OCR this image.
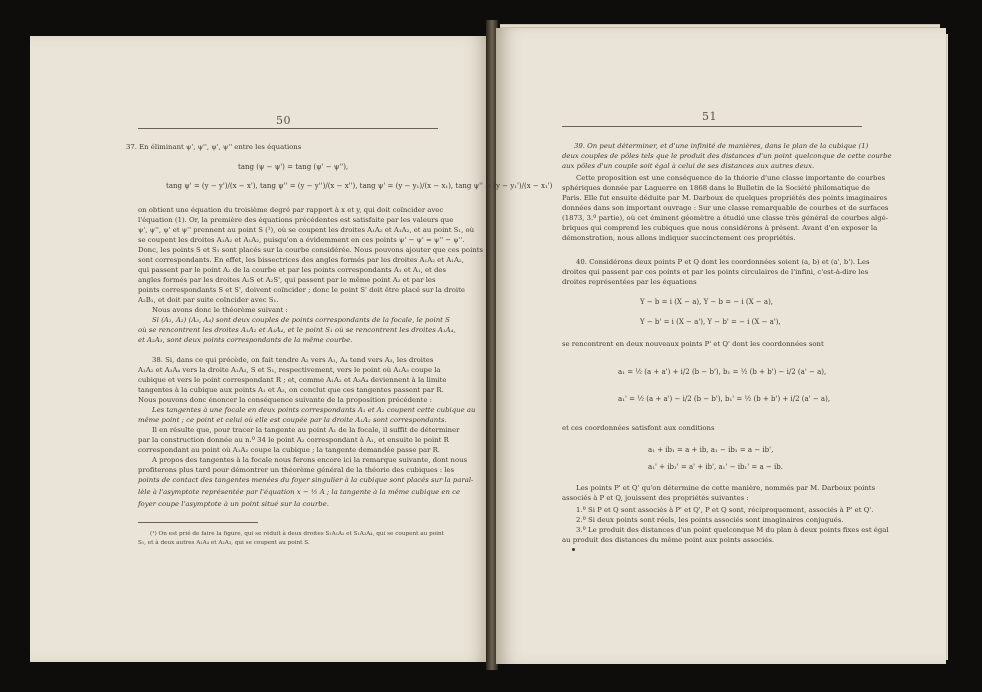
50	51
37. En éliminant ψ', ψ'', ψ', ψ'' entre les équations
tang (ψ − ψ') = tang (ψ' − ψ''),
tang ψ' = (y − y')/(x − x'), tang ψ'' = (y − y'')/(x − x''), tang ψ' = (y − y₁)/(x − x₁), tang ψ'' = (y − y₁')/(x − x₁')
on obtient une équation du troisième degré par rapport à x et y, qui doit coïncider avec
l'équation (1). Or, la première des équations précédentes est satisfaite par les valeurs que
ψ', ψ'', ψ' et ψ'' prennent au point S (¹), où se coupent les droites A₁A₂ et A₁A₂, et au point S₁, où
se coupent les droites A₁A₂ et A₁A₂, puisqu'on a évidemment en ces points ψ' − ψ' = ψ'' − ψ''.
Donc, les points S et S₁ sont placés sur la courbe considérée. Nous pouvons ajouter que ces points
sont correspondants. En effet, les bissectrices des angles formés par les droites A₁A₂ et A₁A₂,
qui passent par le point A₂ de la courbe et par les points correspondants A₁ et A₁, et des
angles formés par les droites A₂S et A₂S', qui passent par le même point A₂ et par les
points correspondants S et S', doivent coïncider ; donc le point S' doit être placé sur la droite
A₂B₁, et doit par suite coïncider avec S₁.
Nous avons donc le théorème suivant :
Si (A₁, A₂) (A₃, A₄) sont deux couples de points correspondants de la focale, le point S
où se rencontrent les droites A₁A₂ et A₃A₄, et le point S₁ où se rencontrent les droites A₁A₄,
et A₂A₃, sont deux points correspondants de la même courbe.
38. Si, dans ce qui précède, on fait tendre A₂ vers A₁, A₄ tend vers A₃, les droites
A₁A₂ et A₃A₄ vers la droite A₁A₃, S et S₁, respectivement, vers le point où A₁A₃ coupe la
cubique et vers le point correspondant R ; et, comme A₁A₂ et A₃A₄ deviennent à la limite
tangentes à la cubique aux points A₁ et A₃, on conclut que ces tangentes passent par R.
Nous pouvons donc énoncer la conséquence suivante de la proposition précédente :
Les tangentes à une focale en deux points correspondants A₁ et A₂ coupent cette cubique au
même point ; ce point et celui où elle est coupée par la droite A₁A₂ sont correspondants.
Il en résulte que, pour tracer la tangente au point A₁ de la focale, il suffit de déterminer
par la construction donnée au n.º 34 le point A₂ correspondant à A₁, et ensuite le point R
correspondant au point où A₁A₂ coupe la cubique ; la tangente demandée passe par R.
A propos des tangentes à la focale nous ferons encore ici la remarque suivante, dont nous
profiterons plus tard pour démontrer un théorème général de la théorie des cubiques : les
points de contact des tangentes menées du foyer singulier à la cubique sont placés sur la paral-
lèle à l'asymptote représentée par l'équation x − ½ A ; la tangente à la même cubique en ce
foyer coupe l'asymptote à un point situé sur la courbe.
(¹) On est prié de faire la figure, qui se réduit à deux droites S₁A₁A₂ et S₁A₃A₄, qui se coupent au point
S₁, et à deux autres A₁A₄ et A₂A₃, qui se coupent au point S.
39. On peut déterminer, et d'une infinité de manières, dans le plan de la cubique (1)
deux couples de pôles tels que le produit des distances d'un point quelconque de cette courbe
aux pôles d'un couple soit égal à celui de ses distances aux autres deux.
Cette proposition est une conséquence de la théorie d'une classe importante de courbes
sphériques donnée par Laguerre en 1868 dans le Bulletin de la Société philomatique de
Paris. Elle fut ensuite déduite par M. Darboux de quelques propriétés des points imaginaires
données dans son important ouvrage : Sur une classe remarquable de courbes et de surfaces
(1873, 3.º partie), où cet éminent géomètre a étudié une classe très général de courbes algé-
briques qui comprend les cubiques que nous considérons à présent. Avant d'en exposer la
démonstration, nous allons indiquer succinctement ces propriétés.
40. Considérons deux points P et Q dont les coordonnées soient (a, b) et (a', b'). Les
droites qui passent par ces points et par les points circulaires de l'infini, c'est-à-dire les
droites représentées par les équations
Y − b = i (X − a), Y − b = − i (X − a),
Y − b' = i (X − a'), Y − b' = − i (X − a'),
se rencontrent en deux nouveaux points P' et Q' dont les coordonnées sont
a₁ = ½ (a + a') + i/2 (b − b'), b₁ = ½ (b + b') − i/2 (a' − a),
a₁' = ½ (a + a') − i/2 (b − b'), b₁' = ½ (b + b') + i/2 (a' − a),
et ces coordonnées satisfont aux conditions
a₁ + ib₁ = a + ib, a₁ − ib₁ = a − ib',
a₁' + ib₁' = a' + ib', a₁' − ib₁' = a − ib.
Les points P' et Q' qu'on détermine de cette manière, nommés par M. Darboux points
associés à P et Q, jouissent des propriétés suivantes :
1.º Si P et Q sont associés à P' et Q', P et Q sont, réciproquement, associés à P' et Q'.
2.º Si deux points sont réels, les points associés sont imaginaires conjugués.
3.º Le produit des distances d'un point quelconque M du plan à deux points fixes est égal
au produit des distances du même point aux points associés.
